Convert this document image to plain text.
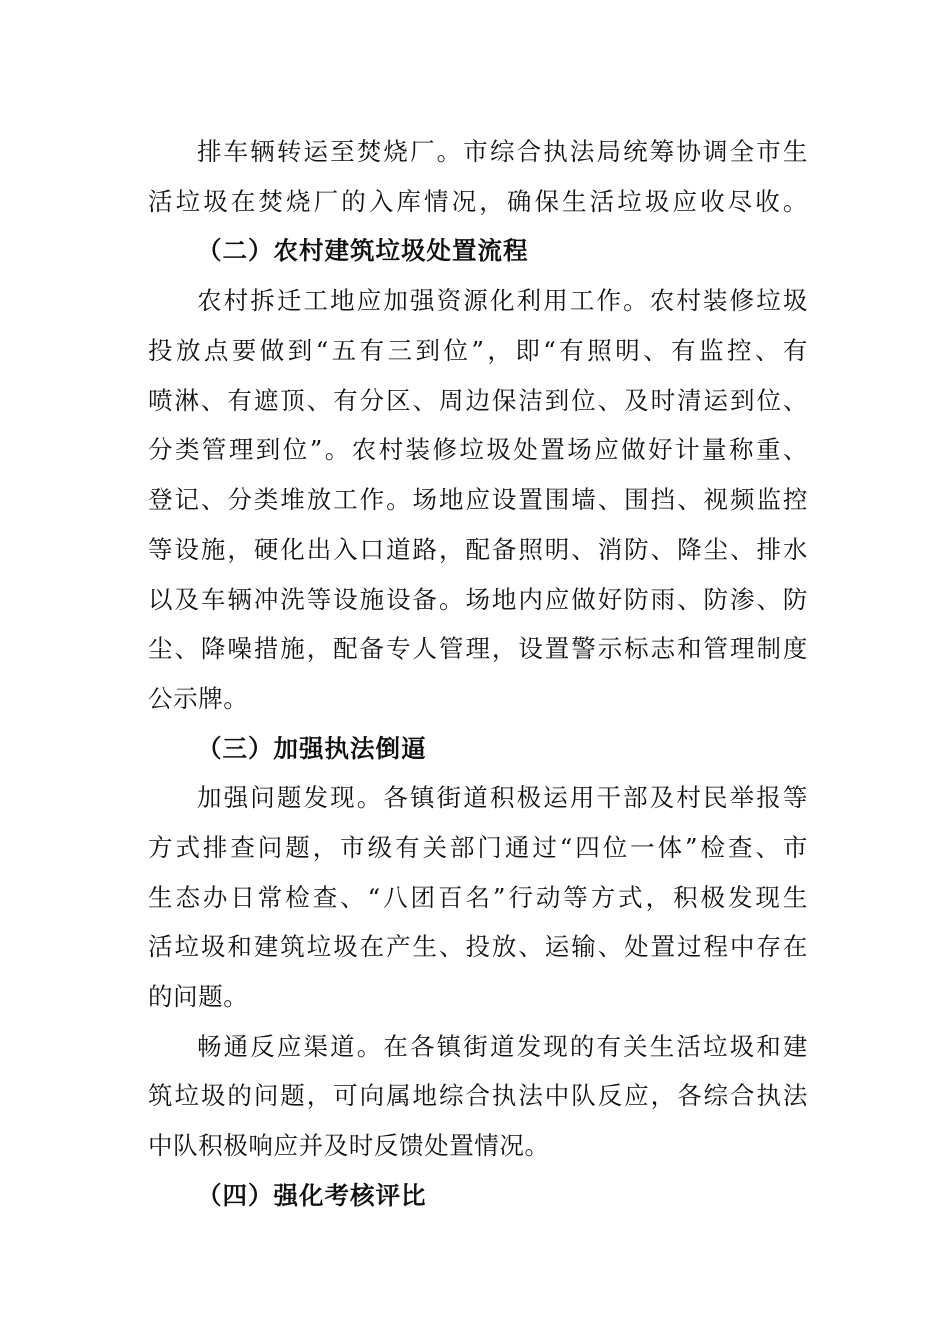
排车辆转运至焚烧厂。市综合执法局统筹协调全市生
活垃圾在焚烧厂的入库情况，确保生活垃圾应收尽收。
（二）农村建筑垃圾处置流程
农村拆迁工地应加强资源化利用工作。农村装修垃圾
投放点要做到“五有三到位”，即“有照明、有监控、有
喷淋、有遮顶、有分区、周边保洁到位、及时清运到位、
分类管理到位”。农村装修垃圾处置场应做好计量称重、
登记、分类堆放工作。场地应设置围墙、围挡、视频监控
等设施，硬化出入口道路，配备照明、消防、降尘、排水
以及车辆冲洗等设施设备。场地内应做好防雨、防渗、防
尘、降噪措施，配备专人管理，设置警示标志和管理制度
公示牌。
（三）加强执法倒逼
加强问题发现。各镇街道积极运用干部及村民举报等
方式排查问题，市级有关部门通过“四位一体”检查、市
生态办日常检查、“八团百名”行动等方式，积极发现生
活垃圾和建筑垃圾在产生、投放、运输、处置过程中存在
的问题。
畅通反应渠道。在各镇街道发现的有关生活垃圾和建
筑垃圾的问题，可向属地综合执法中队反应，各综合执法
中队积极响应并及时反馈处置情况。
（四）强化考核评比
